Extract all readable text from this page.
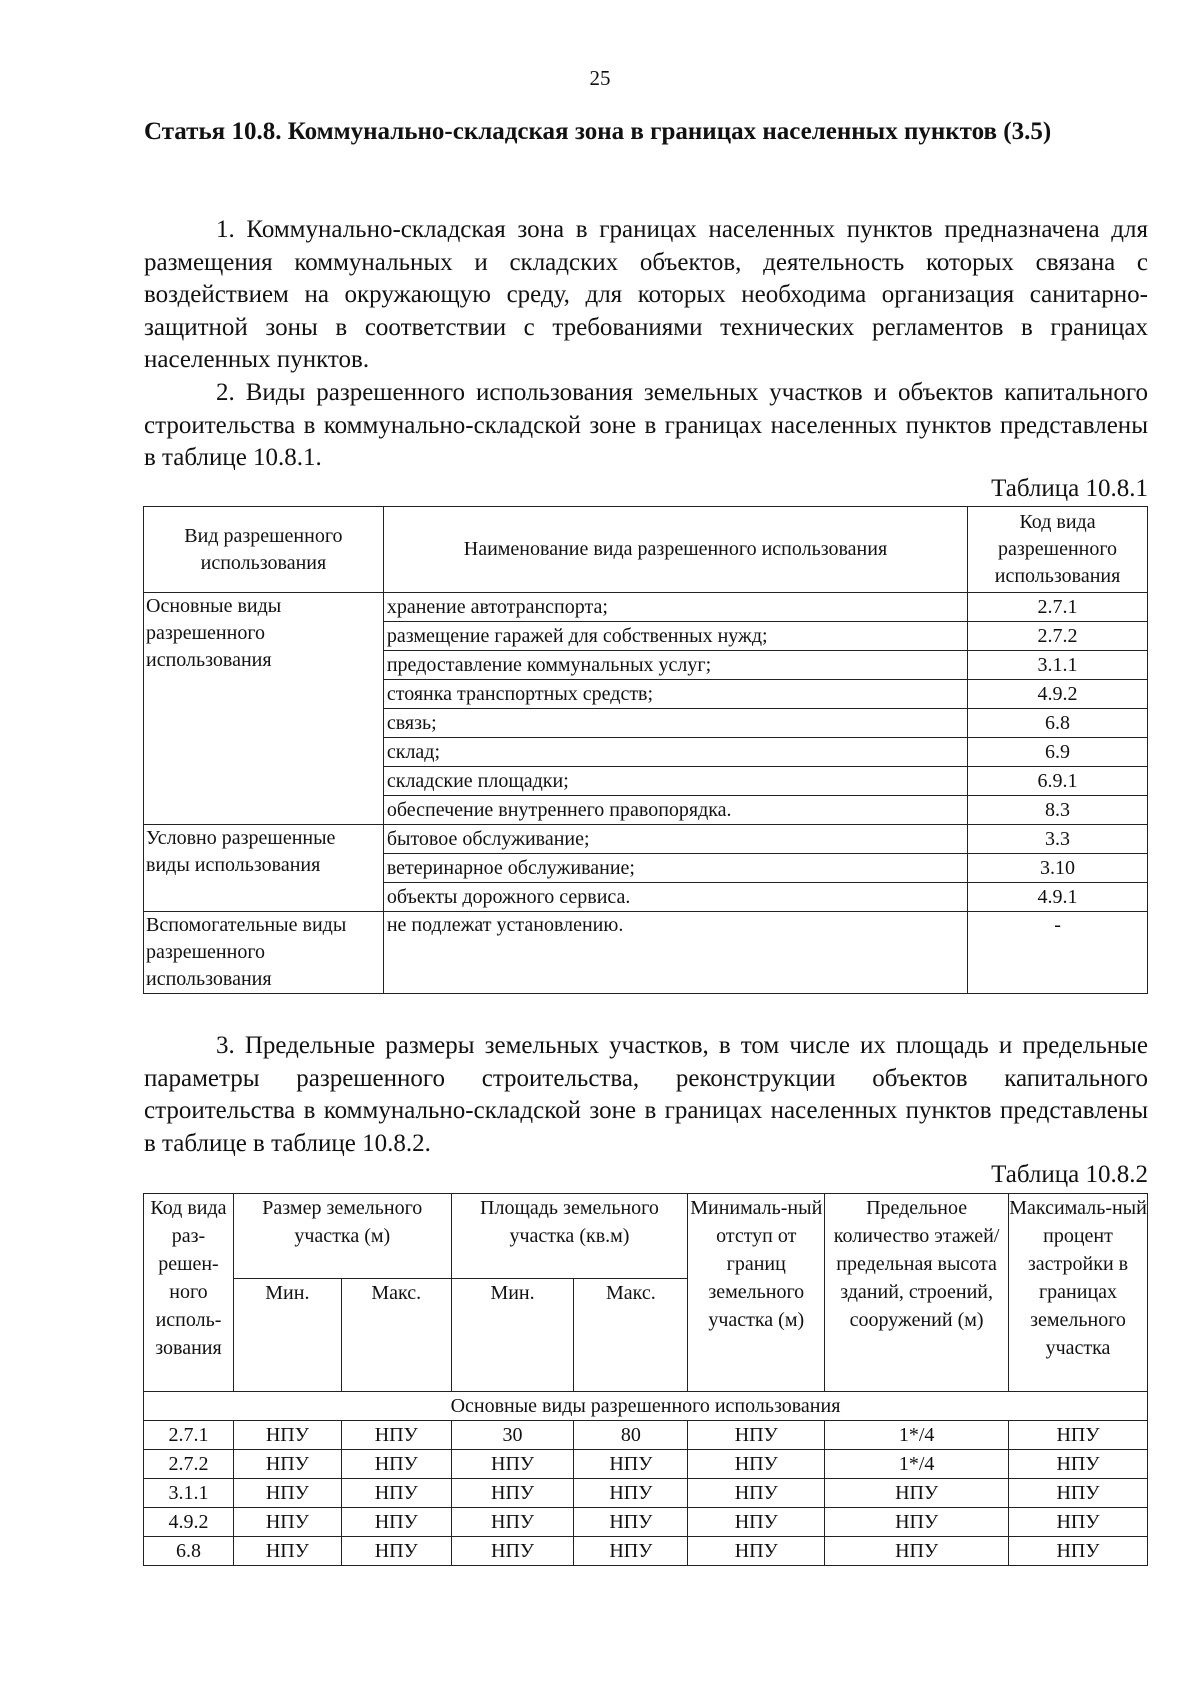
25
Статья 10.8. Коммунально-складская зона в границах населенных пунктов (3.5)
1. Коммунально-складская зона в границах населенных пунктов предназначена для размещения коммунальных и складских объектов, деятельность которых связана с воздействием на окружающую среду, для которых необходима организация санитарно-защитной зоны в соответствии с требованиями технических регламентов в границах населенных пунктов.
2. Виды разрешенного использования земельных участков и объектов капитального строительства в коммунально-складской зоне в границах населенных пунктов представлены в таблице 10.8.1.
Таблица 10.8.1
Вид разрешенного использования	Наименование вида разрешенного использования	Код вида разрешенного использования
Основные виды разрешенного использования	хранение автотранспорта;	2.7.1
	размещение гаражей для собственных нужд;	2.7.2
	предоставление коммунальных услуг;	3.1.1
	стоянка транспортных средств;	4.9.2
	связь;	6.8
	склад;	6.9
	складские площадки;	6.9.1
	обеспечение внутреннего правопорядка.	8.3
Условно разрешенные виды использования	бытовое обслуживание;	3.3
	ветеринарное обслуживание;	3.10
	объекты дорожного сервиса.	4.9.1
Вспомогательные виды разрешенного использования	не подлежат установлению.	-
3. Предельные размеры земельных участков, в том числе их площадь и предельные параметры разрешенного строительства, реконструкции объектов капитального строительства в коммунально-складской зоне в границах населенных пунктов представлены в таблице в таблице 10.8.2.
Таблица 10.8.2
Код вида раз-решен-ного исполь-зования	Размер земельного участка (м)		Площадь земельного участка (кв.м)		Минималь-ный отступ от границ земельного участка (м)	Предельное количество этажей/ предельная высота зданий, строений, сооружений (м)	Максималь-ный процент застройки в границах земельного участка
	Мин.	Макс.	Мин.	Макс.			
Основные виды разрешенного использования							
2.7.1	НПУ	НПУ	30	80	НПУ	1*/4	НПУ
2.7.2	НПУ	НПУ	НПУ	НПУ	НПУ	1*/4	НПУ
3.1.1	НПУ	НПУ	НПУ	НПУ	НПУ	НПУ	НПУ
4.9.2	НПУ	НПУ	НПУ	НПУ	НПУ	НПУ	НПУ
6.8	НПУ	НПУ	НПУ	НПУ	НПУ	НПУ	НПУ
